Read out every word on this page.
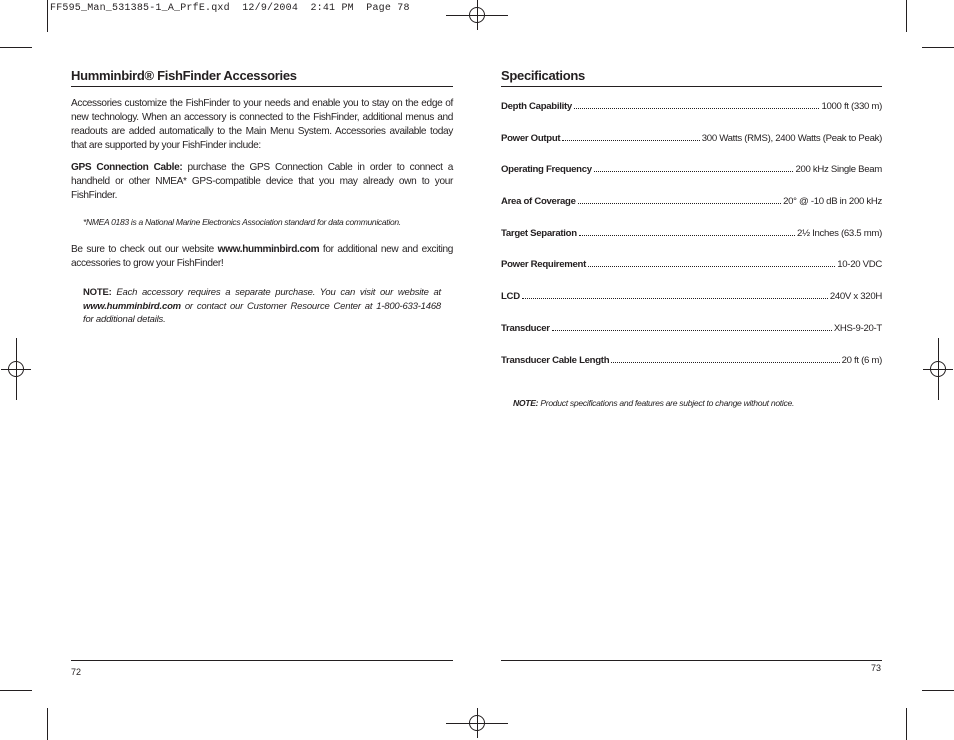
FF595_Man_531385-1_A_PrfE.qxd  12/9/2004  2:41 PM  Page 78
Humminbird® FishFinder Accessories

Accessories customize the FishFinder to your needs and enable you to stay on the edge of new technology. When an accessory is connected to the FishFinder, additional menus and readouts are added automatically to the Main Menu System. Accessories available today that are supported by your FishFinder include:

GPS Connection Cable: purchase the GPS Connection Cable in order to connect a handheld or other NMEA* GPS-compatible device that you may already own to your FishFinder.

*NMEA 0183 is a National Marine Electronics Association standard for data communication.

Be sure to check out our website www.humminbird.com for additional new and exciting accessories to grow your FishFinder!

NOTE: Each accessory requires a separate purchase. You can visit our website at www.humminbird.com or contact our Customer Resource Center at 1-800-633-1468 for additional details.

Specifications
Depth Capability	1000 ft (330 m)
Power Output	300 Watts (RMS), 2400 Watts (Peak to Peak)
Operating Frequency	200 kHz Single Beam
Area of Coverage	20° @ -10 dB in 200 kHz
Target Separation	2½ Inches (63.5 mm)
Power Requirement	10-20 VDC
LCD	240V x 320H
Transducer	XHS-9-20-T
Transducer Cable Length	20 ft (6 m)

NOTE: Product specifications and features are subject to change without notice.

72	73
